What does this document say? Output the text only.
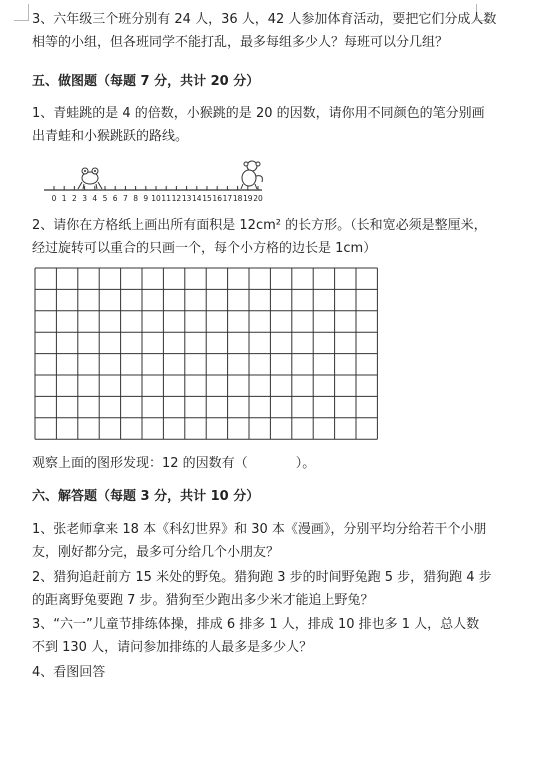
3、六年级三个班分别有 24 人，36 人，42 人参加体育活动，要把它们分成人数
相等的小组，但各班同学不能打乱，最多每组多少人？每班可以分几组？
五、做图题（每题 7 分，共计 20 分）
1、青蛙跳的是 4 的倍数，小猴跳的是 20 的因数，请你用不同颜色的笔分别画
出青蛙和小猴跳跃的路线。
0 1 2 3 4 5 6 7 8 9 10 11 12 13 14 15 16 17 18 19 20
2、请你在方格纸上画出所有面积是 12cm² 的长方形。（长和宽必须是整厘米，
经过旋转可以重合的只画一个，每个小方格的边长是 1cm）
观察上面的图形发现：12 的因数有（	）。
六、解答题（每题 3 分，共计 10 分）
1、张老师拿来 18 本《科幻世界》和 30 本《漫画》，分别平均分给若干个小朋
友，刚好都分完，最多可分给几个小朋友？
2、猎狗追赶前方 15 米处的野兔。猎狗跑 3 步的时间野兔跑 5 步，猎狗跑 4 步
的距离野兔要跑 7 步。猎狗至少跑出多少米才能追上野兔？
3、“六一”儿童节排练体操，排成 6 排多 1 人，排成 10 排也多 1 人，总人数
不到 130 人，请问参加排练的人最多是多少人？
4、看图回答
